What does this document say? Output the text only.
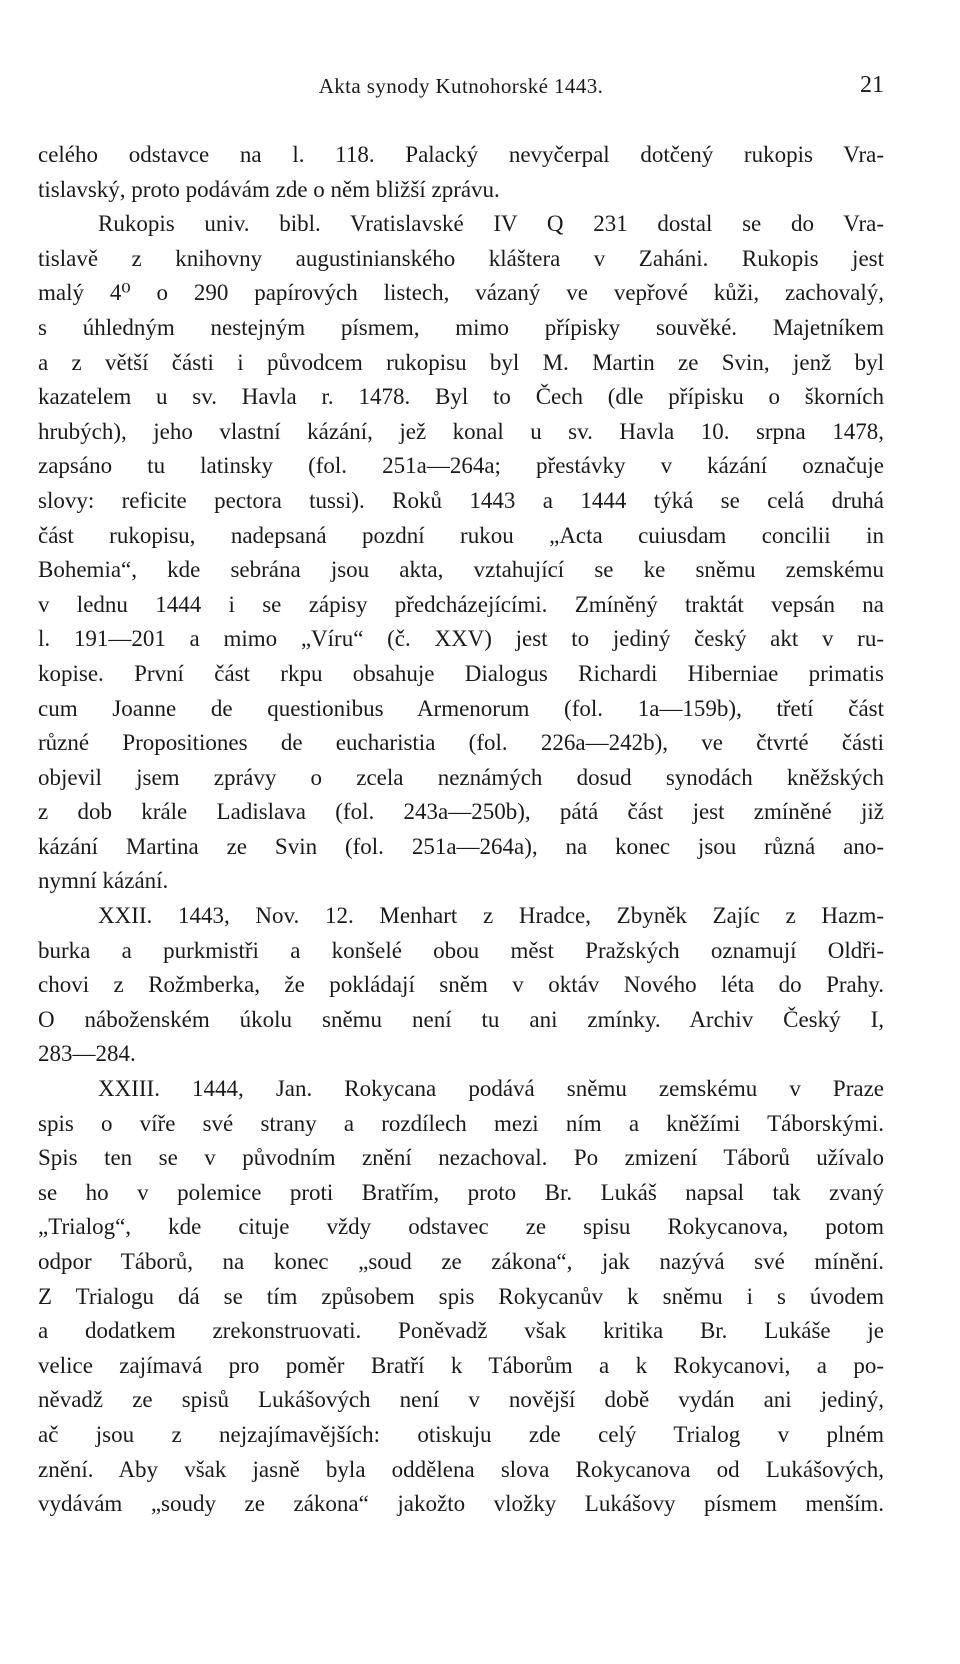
Akta synody Kutnohorské 1443.	21
celého odstavce na l. 118. Palacký nevyčerpal dotčený rukopis Vra-
tislavský, proto podávám zde o něm bližší zprávu.
Rukopis univ. bibl. Vratislavské IV Q 231 dostal se do Vra-
tislavě z knihovny augustinianského kláštera v Zaháni. Rukopis jest
malý 4⁰ o 290 papírových listech, vázaný ve vepřové kůži, zachovalý,
s úhledným nestejným písmem, mimo přípisky souvěké. Majetníkem
a z větší části i původcem rukopisu byl M. Martin ze Svin, jenž byl
kazatelem u sv. Havla r. 1478. Byl to Čech (dle přípisku o škorních
hrubých), jeho vlastní kázání, jež konal u sv. Havla 10. srpna 1478,
zapsáno tu latinsky (fol. 251a—264a; přestávky v kázání označuje
slovy: reficite pectora tussi). Roků 1443 a 1444 týká se celá druhá
část rukopisu, nadepsaná pozdní rukou „Acta cuiusdam concilii in
Bohemia“, kde sebrána jsou akta, vztahující se ke sněmu zemskému
v lednu 1444 i se zápisy předcházejícími. Zmíněný traktát vepsán na
l. 191—201 a mimo „Víru“ (č. XXV) jest to jediný český akt v ru-
kopise. První část rkpu obsahuje Dialogus Richardi Hiberniae primatis
cum Joanne de questionibus Armenorum (fol. 1a—159b), třetí část
různé Propositiones de eucharistia (fol. 226a—242b), ve čtvrté části
objevil jsem zprávy o zcela neznámých dosud synodách kněžských
z dob krále Ladislava (fol. 243a—250b), pátá část jest zmíněné již
kázání Martina ze Svin (fol. 251a—264a), na konec jsou různá ano-
nymní kázání.
XXII. 1443, Nov. 12. Menhart z Hradce, Zbyněk Zajíc z Hazm-
burka a purkmistři a konšelé obou měst Pražských oznamují Oldři-
chovi z Rožmberka, že pokládají sněm v oktáv Nového léta do Prahy.
O náboženském úkolu sněmu není tu ani zmínky. Archiv Český I,
283—284.
XXIII. 1444, Jan. Rokycana podává sněmu zemskému v Praze
spis o víře své strany a rozdílech mezi ním a kněžími Táborskými.
Spis ten se v původním znění nezachoval. Po zmizení Táborů užívalo
se ho v polemice proti Bratřím, proto Br. Lukáš napsal tak zvaný
„Trialog“, kde cituje vždy odstavec ze spisu Rokycanova, potom
odpor Táborů, na konec „soud ze zákona“, jak nazývá své mínění.
Z Trialogu dá se tím způsobem spis Rokycanův k sněmu i s úvodem
a dodatkem zrekonstruovati. Poněvadž však kritika Br. Lukáše je
velice zajímavá pro poměr Bratří k Táborům a k Rokycanovi, a po-
něvadž ze spisů Lukášových není v novější době vydán ani jediný,
ač jsou z nejzajímavějších: otiskuju zde celý Trialog v plném
znění. Aby však jasně byla oddělena slova Rokycanova od Lukášových,
vydávám „soudy ze zákona“ jakožto vložky Lukášovy písmem menším.
